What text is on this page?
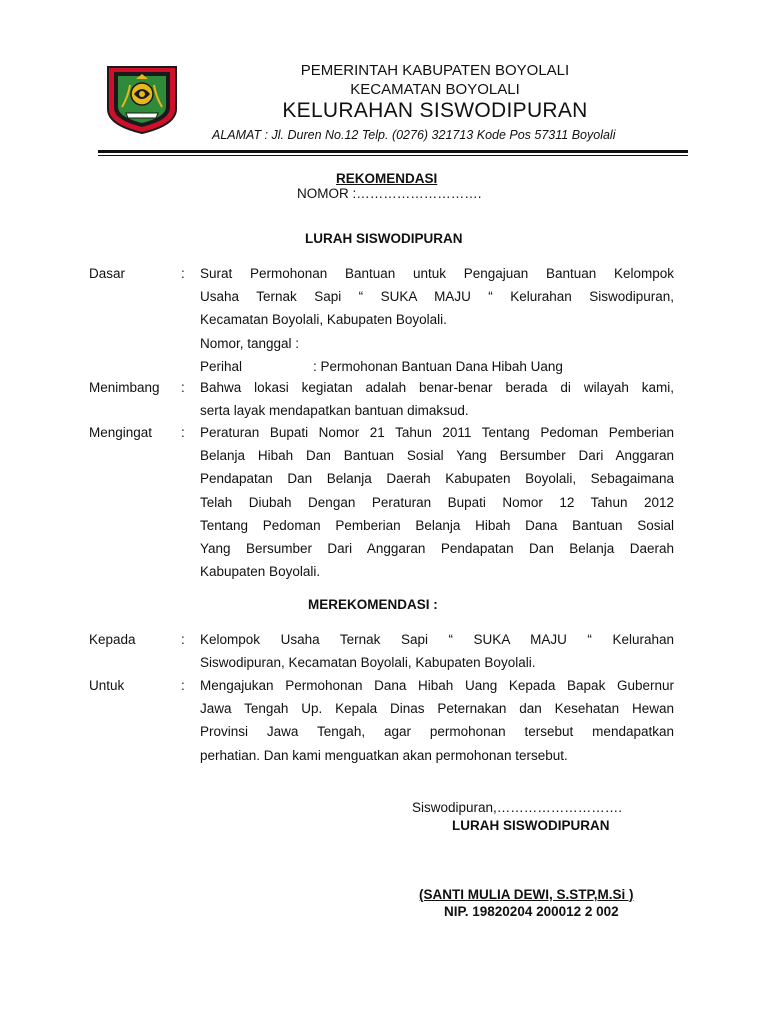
PEMERINTAH KABUPATEN BOYOLALI
KECAMATAN BOYOLALI
KELURAHAN SISWODIPURAN
ALAMAT : Jl. Duren No.12 Telp. (0276) 321713 Kode Pos 57311 Boyolali
REKOMENDASI
NOMOR :……………………….
LURAH SISWODIPURAN
Dasar	: Surat Permohonan Bantuan untuk Pengajuan Bantuan Kelompok
Usaha Ternak Sapi “ SUKA MAJU “ Kelurahan Siswodipuran,
Kecamatan Boyolali, Kabupaten Boyolali.
Nomor, tanggal :
Perihal	: Permohonan Bantuan Dana Hibah Uang
Menimbang : Bahwa lokasi kegiatan adalah benar-benar berada di wilayah kami,
serta layak mendapatkan bantuan dimaksud.
Mengingat : Peraturan Bupati Nomor 21 Tahun 2011 Tentang Pedoman Pemberian
Belanja Hibah Dan Bantuan Sosial Yang Bersumber Dari Anggaran
Pendapatan Dan Belanja Daerah Kabupaten Boyolali, Sebagaimana
Telah Diubah Dengan Peraturan Bupati Nomor 12 Tahun 2012
Tentang Pedoman Pemberian Belanja Hibah Dana Bantuan Sosial
Yang Bersumber Dari Anggaran Pendapatan Dan Belanja Daerah
Kabupaten Boyolali.
MEREKOMENDASI :
Kepada	: Kelompok Usaha Ternak Sapi “ SUKA MAJU “ Kelurahan
Siswodipuran, Kecamatan Boyolali, Kabupaten Boyolali.
Untuk	: Mengajukan Permohonan Dana Hibah Uang Kepada Bapak Gubernur
Jawa Tengah Up. Kepala Dinas Peternakan dan Kesehatan Hewan
Provinsi Jawa Tengah, agar permohonan tersebut mendapatkan
perhatian. Dan kami menguatkan akan permohonan tersebut.
Siswodipuran,……………………….
LURAH SISWODIPURAN
(SANTI MULIA DEWI, S.STP,M.Si )
NIP. 19820204 200012 2 002
